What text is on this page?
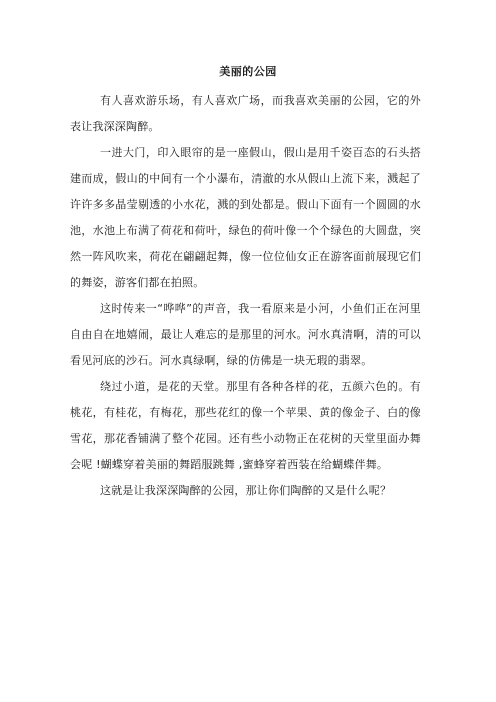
美丽的公园

有人喜欢游乐场，有人喜欢广场，而我喜欢美丽的公园，它的外表让我深深陶醉。

一进大门，印入眼帘的是一座假山，假山是用千姿百态的石头搭建而成，假山的中间有一个小瀑布，清澈的水从假山上流下来，溅起了许许多多晶莹剔透的小水花，溅的到处都是。假山下面有一个圆圆的水池，水池上布满了荷花和荷叶，绿色的荷叶像一个个绿色的大圆盘，突然一阵风吹来，荷花在翩翩起舞，像一位位仙女正在游客面前展现它们的舞姿，游客们都在拍照。

这时传来一“哗哗”的声音，我一看原来是小河，小鱼们正在河里自由自在地嬉闹，最让人难忘的是那里的河水。河水真清啊，清的可以看见河底的沙石。河水真绿啊，绿的仿佛是一块无瑕的翡翠。

绕过小道，是花的天堂。那里有各种各样的花，五颜六色的。有桃花，有桂花，有梅花，那些花红的像一个苹果、黄的像金子、白的像雪花，那花香铺满了整个花园。还有些小动物正在花树的天堂里面办舞会呢 !蝴蝶穿着美丽的舞蹈服跳舞 ,蜜蜂穿着西装在给蝴蝶伴舞。

这就是让我深深陶醉的公园，那让你们陶醉的又是什么呢？
